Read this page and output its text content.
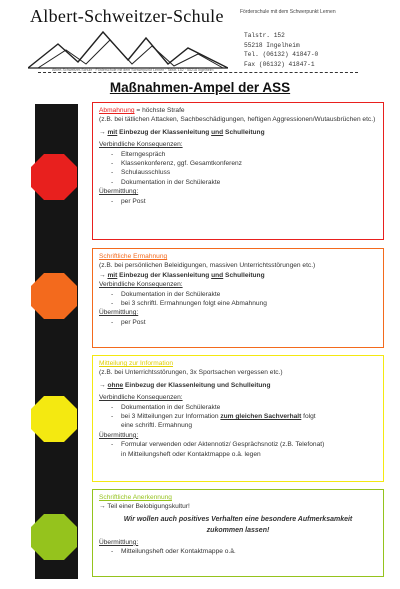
Albert-Schweitzer-Schule	Förderschule mit dem Schwerpunkt Lernen
Talstr. 152
55218 Ingelheim
Tel. (06132) 41847-0
Fax (06132) 41847-1
Albert-Schweitzer-Schule · Förderschule mit dem Schwerpunkt Lernen · Talstr. 152 · 55218 Ingelheim
Maßnahmen-Ampel der ASS
Abmahnung = höchste Strafe
(z.B. bei tätlichen Attacken, Sachbeschädigungen, heftigen Aggressionen/Wutausbrüchen etc.)
→ mit Einbezug der Klassenleitung und Schulleitung
Verbindliche Konsequenzen:
- Elterngespräch
- Klassenkonferenz, ggf. Gesamtkonferenz
- Schulausschluss
- Dokumentation in der Schülerakte
Übermittlung:
- per Post
Schriftliche Ermahnung
(z.B. bei persönlichen Beleidigungen, massiven Unterrichtsstörungen etc.)
→ mit Einbezug der Klassenleitung und Schulleitung
Verbindliche Konsequenzen:
- Dokumentation in der Schülerakte
- bei 3 schriftl. Ermahnungen folgt eine Abmahnung
Übermittlung:
- per Post
Mitteilung zur Information
(z.B. bei Unterrichtsstörungen, 3x Sportsachen vergessen etc.)
→ ohne Einbezug der Klassenleitung und Schulleitung
Verbindliche Konsequenzen:
- Dokumentation in der Schülerakte
- bei 3 Mitteilungen zur Information zum gleichen Sachverhalt folgt
eine schriftl. Ermahnung
Übermittlung:
- Formular verwenden oder Aktennotiz/ Gesprächsnotiz (z.B. Telefonat)
in Mitteilungsheft oder Kontaktmappe o.ä. legen
Schriftliche Anerkennung
→ Teil einer Belobigungskultur!
Wir wollen auch positives Verhalten eine besondere Aufmerksamkeit
zukommen lassen!
Übermittlung:
- Mitteilungsheft oder Kontaktmappe o.ä.
